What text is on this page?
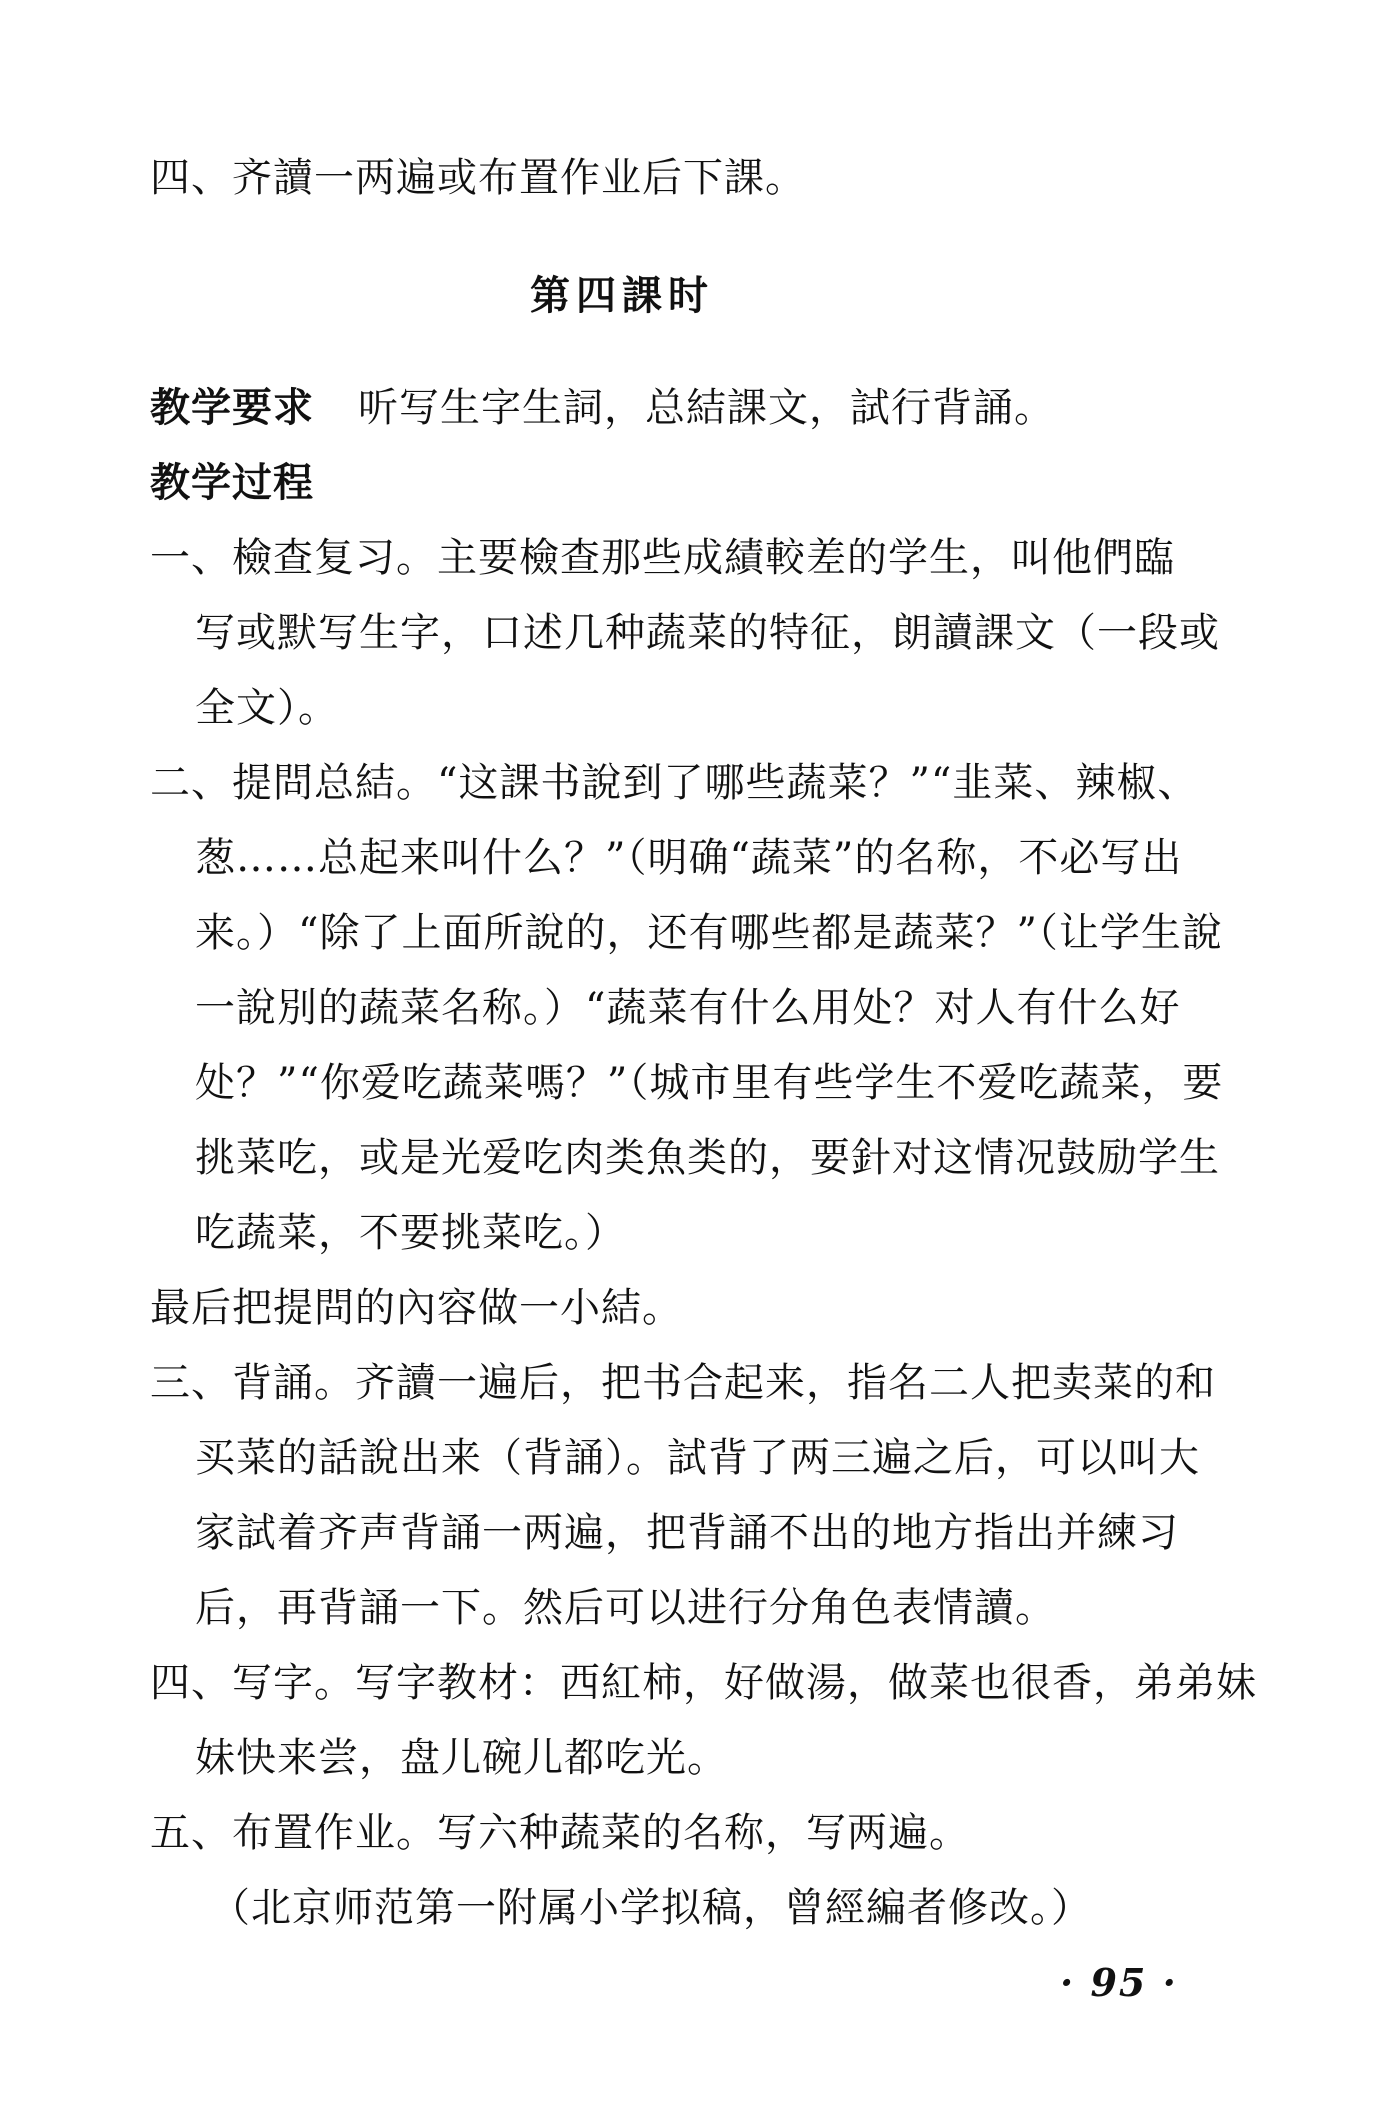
四、齐讀一两遍或布置作业后下課。

第四課时

教学要求 听写生字生詞，总結課文，試行背誦。

教学过程

一、檢查复习。主要檢查那些成績較差的学生，叫他們臨

写或默写生字，口述几种蔬菜的特征，朗讀課文（一段或

全文）。

二、提問总結。“这課书說到了哪些蔬菜？”“韭菜、辣椒、

葱……总起来叫什么？”（明确“蔬菜”的名称，不必写出

来。）“除了上面所說的，还有哪些都是蔬菜？”（让学生說

一說別的蔬菜名称。）“蔬菜有什么用处？对人有什么好

处？”“你爱吃蔬菜嗎？”（城市里有些学生不爱吃蔬菜，要

挑菜吃，或是光爱吃肉类魚类的，要針对这情况鼓励学生

吃蔬菜，不要挑菜吃。）

最后把提問的內容做一小結。

三、背誦。齐讀一遍后，把书合起来，指名二人把卖菜的和

买菜的話說出来（背誦）。試背了两三遍之后，可以叫大

家試着齐声背誦一两遍，把背誦不出的地方指出并練习

后，再背誦一下。然后可以进行分角色表情讀。

四、写字。写字教材：西紅柿，好做湯，做菜也很香，弟弟妹

妹快来尝，盘儿碗儿都吃光。

五、布置作业。写六种蔬菜的名称，写两遍。

（北京师范第一附属小学拟稿，曾經編者修改。）

· 95 ·
